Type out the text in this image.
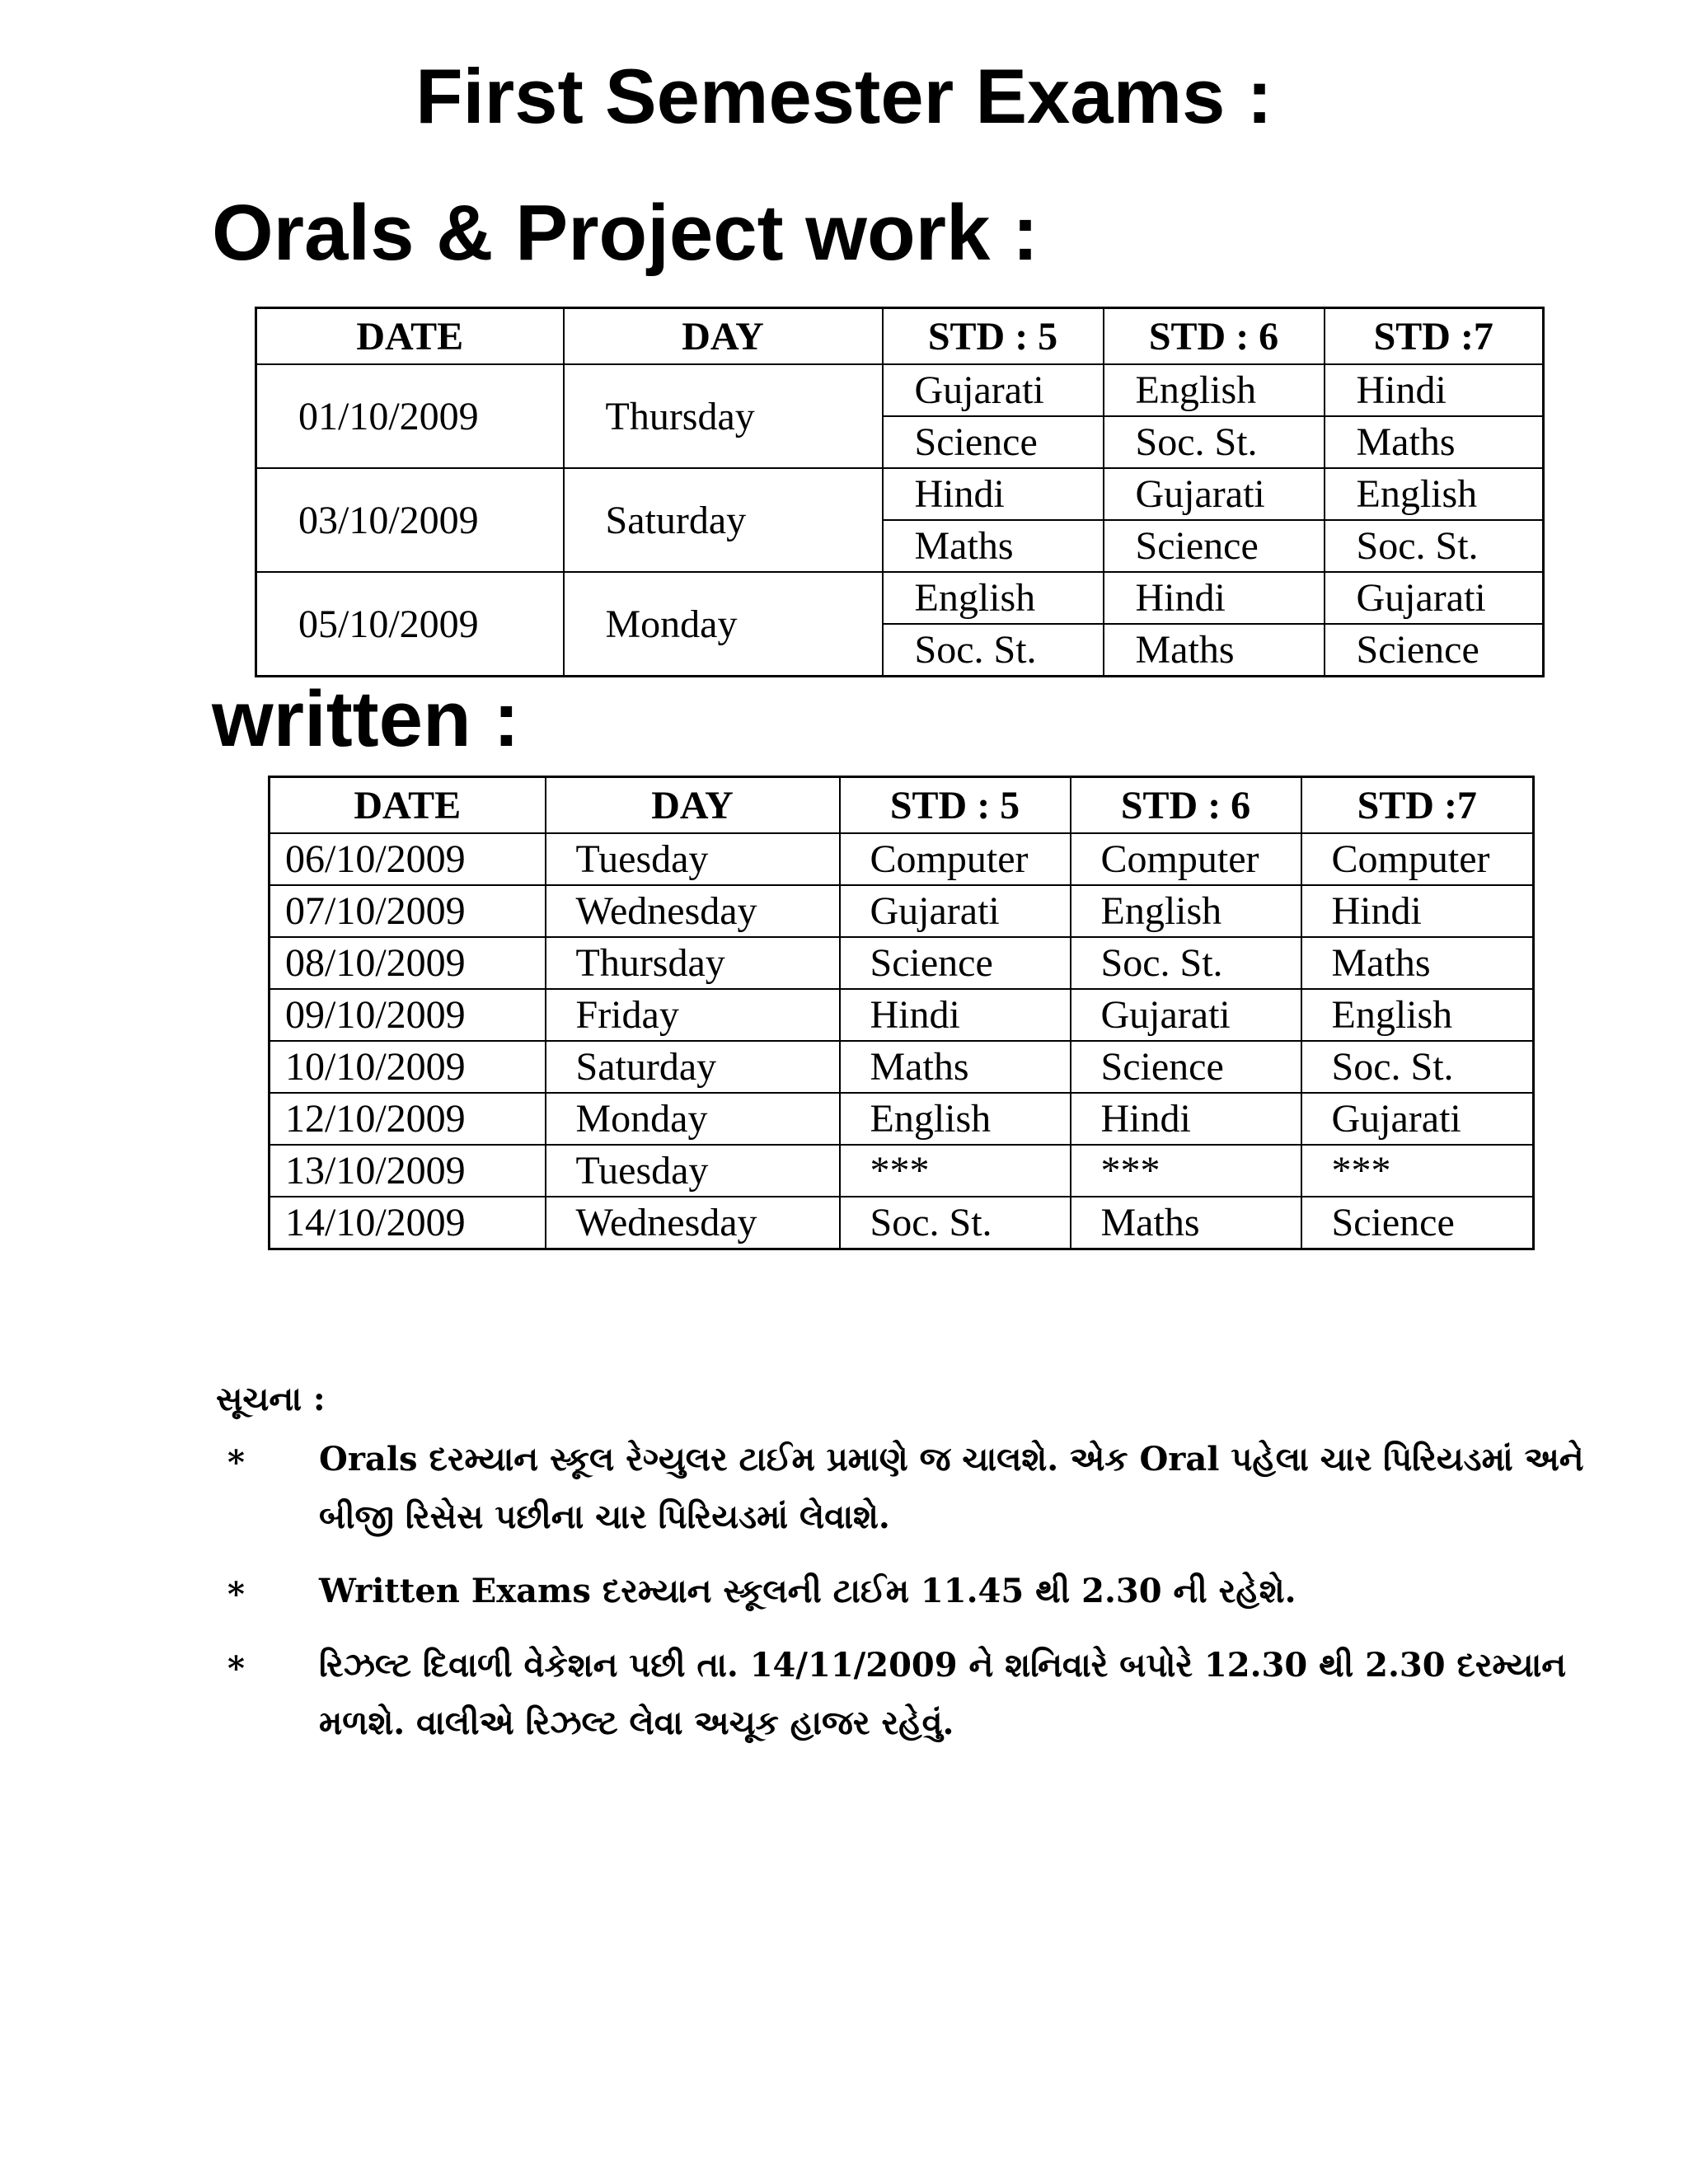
First Semester Exams :
Orals & Project work :
DATE	DAY	STD : 5	STD : 6	STD :7
01/10/2009	Thursday	Gujarati	English	Hindi
		Science	Soc. St.	Maths
03/10/2009	Saturday	Hindi	Gujarati	English
		Maths	Science	Soc. St.
05/10/2009	Monday	English	Hindi	Gujarati
		Soc. St.	Maths	Science
written :
DATE	DAY	STD : 5	STD : 6	STD :7
06/10/2009	Tuesday	Computer	Computer	Computer
07/10/2009	Wednesday	Gujarati	English	Hindi
08/10/2009	Thursday	Science	Soc. St.	Maths
09/10/2009	Friday	Hindi	Gujarati	English
10/10/2009	Saturday	Maths	Science	Soc. St.
12/10/2009	Monday	English	Hindi	Gujarati
13/10/2009	Tuesday	***	***	***
14/10/2009	Wednesday	Soc. St.	Maths	Science
સૂચના :
* Orals દરમ્યાન સ્કૂલ રેગ્યુલર ટાઈમ પ્રમાણે જ ચાલશે. એક Oral પહેલા ચાર પિરિયડમાં અને બીજી રિસેસ પછીના ચાર પિરિયડમાં લેવાશે.
* Written Exams દરમ્યાન સ્કૂલની ટાઈમ 11.45 થી 2.30 ની રહેશે.
* રિઝલ્ટ દિવાળી વેકેશન પછી તા. 14/11/2009 ને શનિવારે બપોરે 12.30 થી 2.30 દરમ્યાન મળશે. વાલીએ રિઝલ્ટ લેવા અચૂક હાજર રહેવું.
